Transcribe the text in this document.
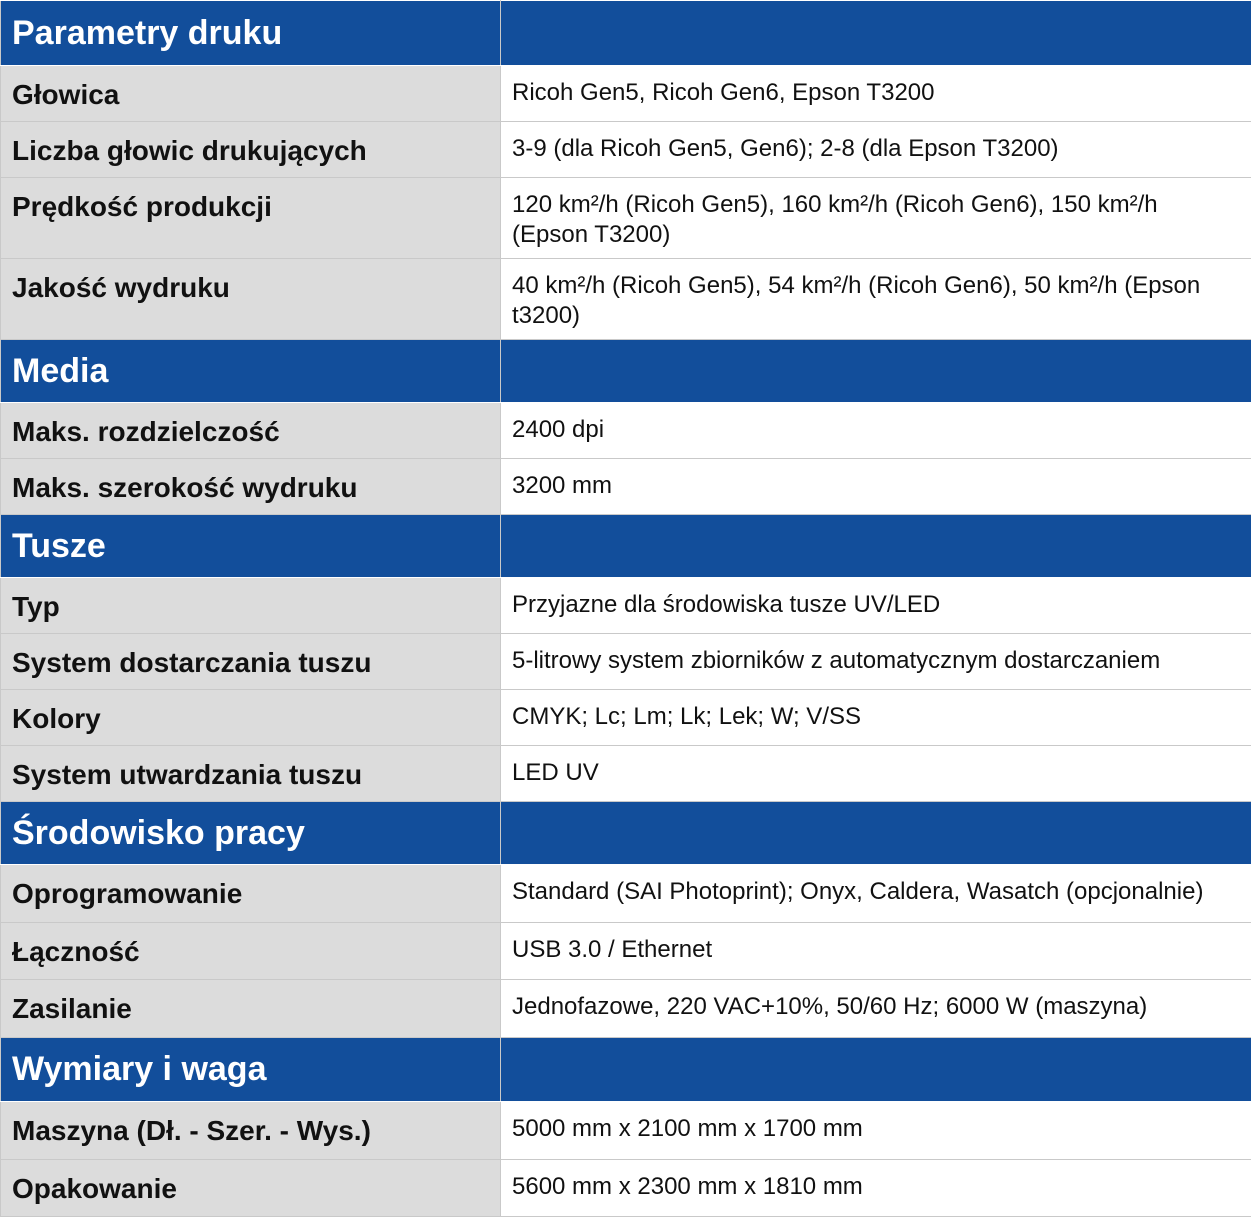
Parametry druku	
Głowica	Ricoh Gen5, Ricoh Gen6, Epson T3200
Liczba głowic drukujących	3-9 (dla Ricoh Gen5, Gen6); 2-8 (dla Epson T3200)
Prędkość produkcji	120 km²/h (Ricoh Gen5), 160 km²/h (Ricoh Gen6), 150 km²/h (Epson T3200)
Jakość wydruku	40 km²/h (Ricoh Gen5), 54 km²/h (Ricoh Gen6), 50 km²/h (Epson t3200)
Media	
Maks. rozdzielczość	2400 dpi
Maks. szerokość wydruku	3200 mm
Tusze	
Typ	Przyjazne dla środowiska tusze UV/LED
System dostarczania tuszu	5-litrowy system zbiorników z automatycznym dostarczaniem
Kolory	CMYK; Lc; Lm; Lk; Lek; W; V/SS
System utwardzania tuszu	LED UV
Środowisko pracy	
Oprogramowanie	Standard (SAI Photoprint); Onyx, Caldera, Wasatch (opcjonalnie)
Łączność	USB 3.0 / Ethernet
Zasilanie	Jednofazowe, 220 VAC+10%, 50/60 Hz; 6000 W (maszyna)
Wymiary i waga	
Maszyna (Dł. - Szer. - Wys.)	5000 mm x 2100 mm x 1700 mm
Opakowanie	5600 mm x 2300 mm x 1810 mm
